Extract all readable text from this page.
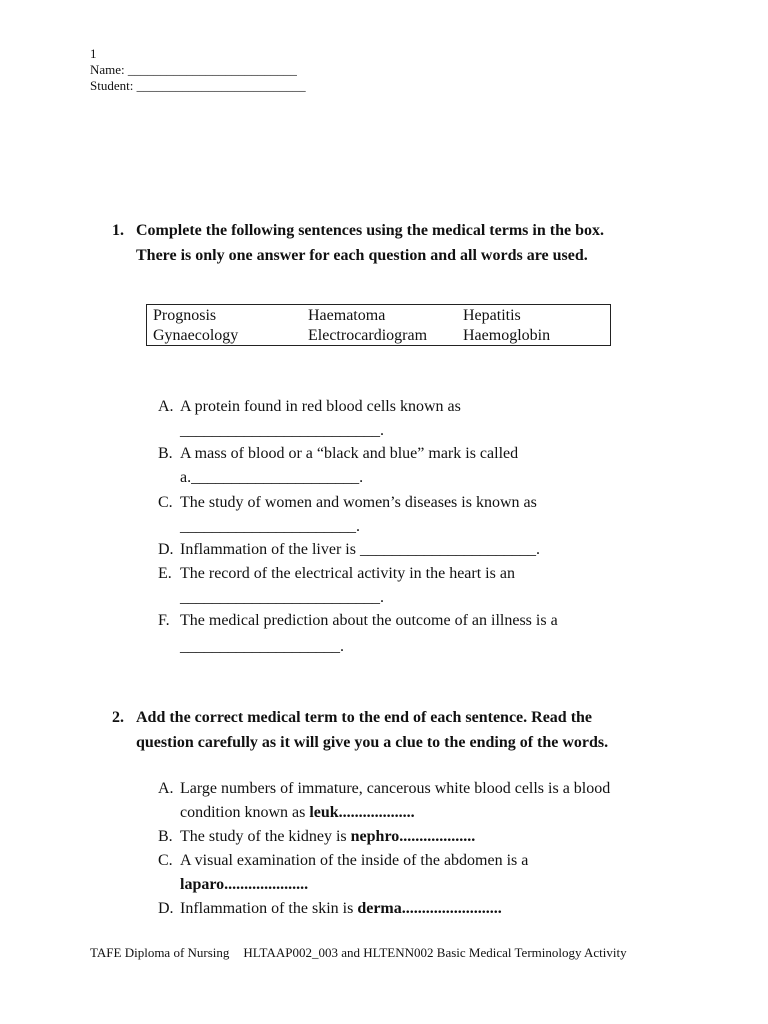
1
Name: __________________________
Student: __________________________
1. Complete the following sentences using the medical terms in the box.
There is only one answer for each question and all words are used.
Prognosis	Haematoma	Hepatitis
Gynaecology	Electrocardiogram Haemoglobin
A. A protein found in red blood cells known as
_________________________.
B. A mass of blood or a “black and blue” mark is called
a._____________________.
C. The study of women and women’s diseases is known as
______________________.
D. Inflammation of the liver is ______________________.
E. The record of the electrical activity in the heart is an
_________________________.
F. The medical prediction about the outcome of an illness is a
____________________.
2. Add the correct medical term to the end of each sentence. Read the
question carefully as it will give you a clue to the ending of the words.
A. Large numbers of immature, cancerous white blood cells is a blood
condition known as leuk...................
B. The study of the kidney is nephro...................
C. A visual examination of the inside of the abdomen is a
laparo.....................
D. Inflammation of the skin is derma.........................
TAFE Diploma of Nursing HLTAAP002_003 and HLTENN002 Basic Medical Terminology Activity
